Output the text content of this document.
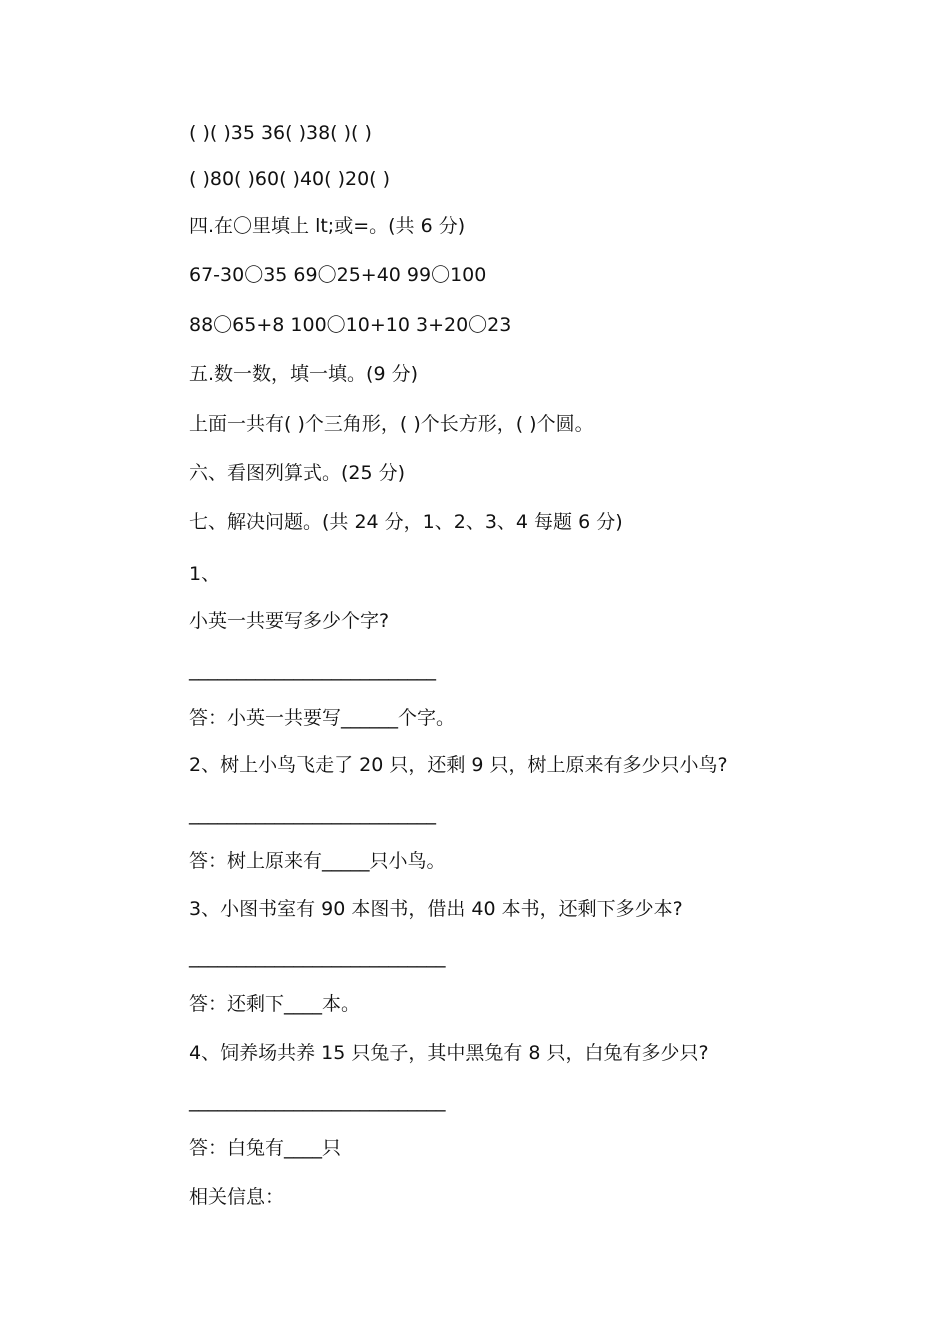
( )( )35 36( )38( )( )
( )80( )60( )40( )20( )
四.在〇里填上 lt;或=。(共 6 分)
67-30〇35 69〇25+40 99〇100
88〇65+8 100〇10+10 3+20〇23
五.数一数，填一填。(9 分)
上面一共有( )个三角形，( )个长方形，( )个圆。
六、看图列算式。(25 分)
七、解决问题。(共 24 分，1、2、3、4 每题 6 分)
1、
小英一共要写多少个字?
__________________________
答：小英一共要写______个字。
2、树上小鸟飞走了 20 只，还剩 9 只，树上原来有多少只小鸟?
__________________________
答：树上原来有_____只小鸟。
3、小图书室有 90 本图书，借出 40 本书，还剩下多少本?
___________________________
答：还剩下____本。
4、饲养场共养 15 只兔子，其中黑兔有 8 只，白兔有多少只?
___________________________
答：白兔有____只
相关信息：
